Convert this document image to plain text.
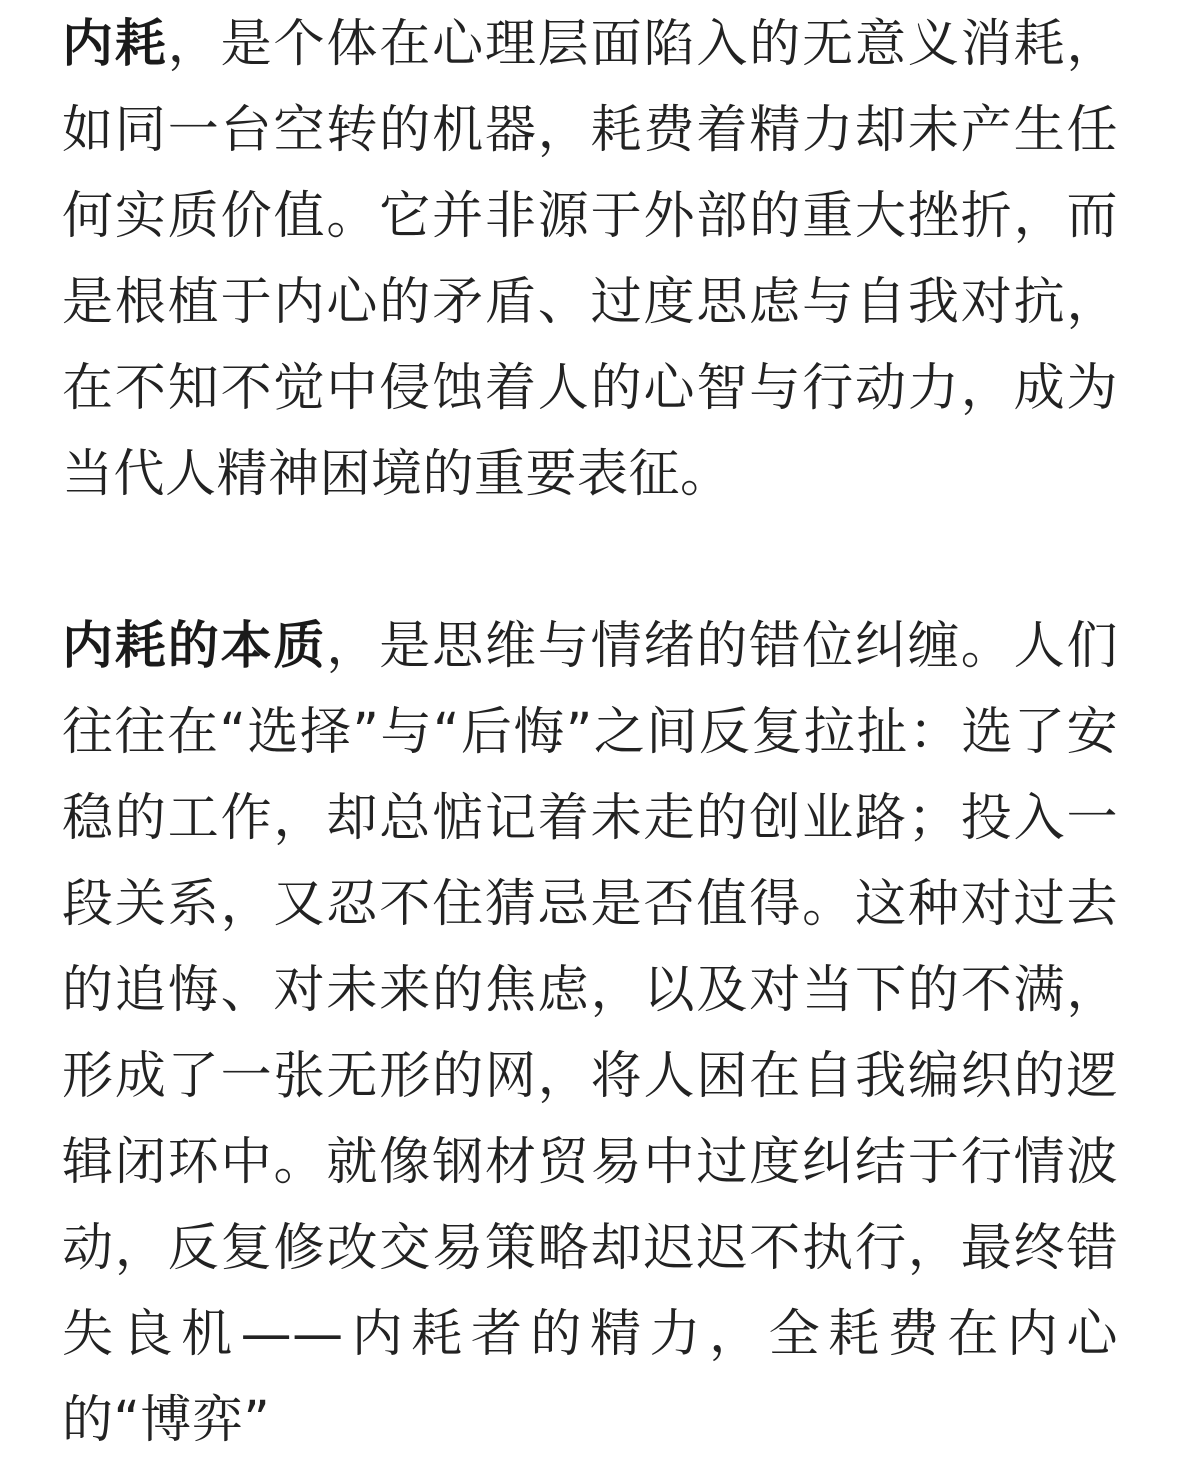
内耗，是个体在心理层面陷入的无意义消耗，如同一台空转的机器，耗费着精力却未产生任何实质价值。它并非源于外部的重大挫折，而是根植于内心的矛盾、过度思虑与自我对抗，在不知不觉中侵蚀着人的心智与行动力，成为当代人精神困境的重要表征。

内耗的本质，是思维与情绪的错位纠缠。人们往往在“选择”与“后悔”之间反复拉扯：选了安稳的工作，却总惦记着未走的创业路；投入一段关系，又忍不住猜忌是否值得。这种对过去的追悔、对未来的焦虑，以及对当下的不满，形成了一张无形的网，将人困在自我编织的逻辑闭环中。就像钢材贸易中过度纠结于行情波动，反复修改交易策略却迟迟不执行，最终错失良机——内耗者的精力，全耗费在内心的“博弈”
